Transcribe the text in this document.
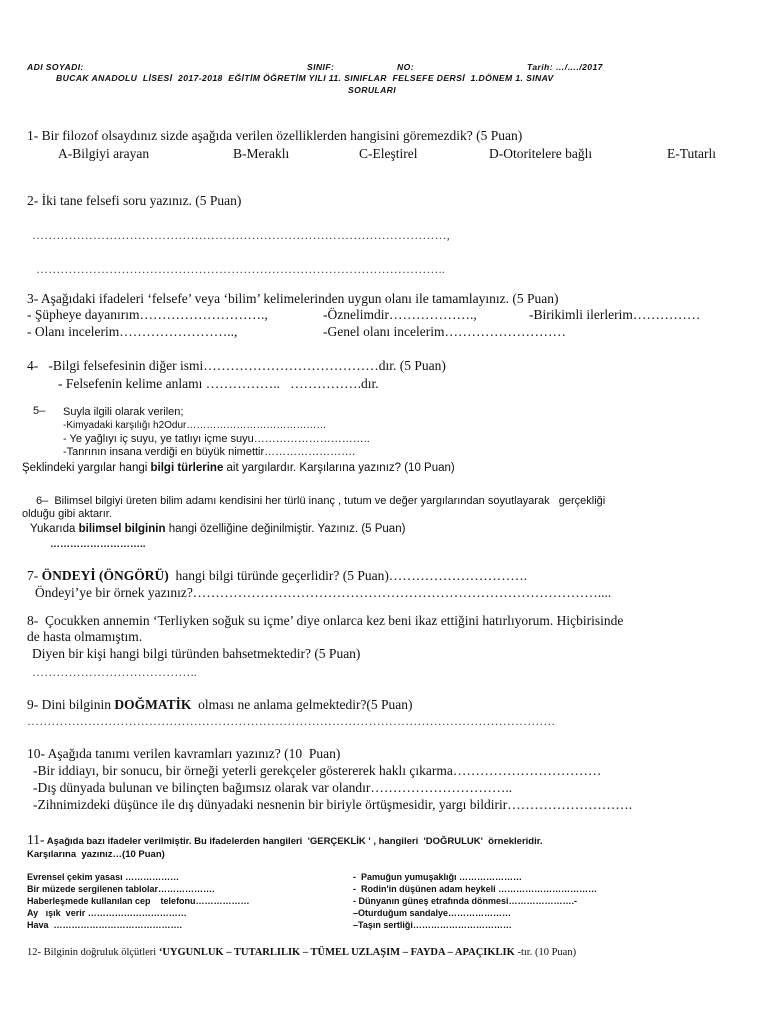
ADI SOYADI:	SINIF:	NO:	Tarih: …/…./2017
BUCAK ANADOLU  LİSESİ  2017-2018  EĞİTİM ÖĞRETİM YILI 11. SINIFLAR  FELSEFE DERSİ  1.DÖNEM 1. SINAV
SORULARI
1- Bir filozof olsaydınız sizde aşağıda verilen özelliklerden hangisini göremezdik? (5 Puan)
A-Bilgiyi arayan	B-Meraklı	C-Eleştirel	D-Otoritelere bağlı	E-Tutarlı
2- İki tane felsefi soru yazınız. (5 Puan)
…………………………………………………………………………………………,
………………………………………………………………………………………..
3- Aşağıdaki ifadeleri ‘felsefe’ veya ‘bilim’ kelimelerinden uygun olanı ile tamamlayınız. (5 Puan)
- Şüpheye dayanırım……………………….,	-Öznelimdir……………….,	-Birikimli ilerlerim……………
- Olanı incelerim……………………..,	-Genel olanı incelerim………………………
4-   -Bilgi felsefesinin diğer ismi…………………………………dır. (5 Puan)
- Felsefenin kelime anlamı ……………..   …………….dır.
5– Suyla ilgili olarak verilen;
-Kimyadaki karşılığı h2Odur……………………………………
- Ye yağlıyı iç suyu, ye tatlıyı içme suyu…………………………..
-Tanrının insana verdiği en büyük nimettir…………………….
Şeklindeki yargılar hangi bilgi türlerine ait yargılardır. Karşılarına yazınız? (10 Puan)
6–  Bilimsel bilgiyi üreten bilim adamı kendisini her türlü inanç , tutum ve değer yargılarından soyutlayarak   gerçekliği
olduğu gibi aktarır.
Yukarıda bilimsel bilginin hangi özelliğine değinilmiştir. Yazınız. (5 Puan)
………………………..
7- ÖNDEYİ (ÖNGÖRÜ)  hangi bilgi türünde geçerlidir? (5 Puan)………………………….
Öndeyi’ye bir örnek yazınız?………………………………………………………………………………....
8-  Çocukken annemin ‘Terliyken soğuk su içme’ diye onlarca kez beni ikaz ettiğini hatırlıyorum. Hiçbirisinde
de hasta olmamıştım.
Diyen bir kişi hangi bilgi türünden bahsetmektedir? (5 Puan)
…………………………………..
9- Dini bilginin DOĞMATİK  olması ne anlama gelmektedir?(5 Puan)
………………………………………………………………………………………………………………….
10- Aşağıda tanımı verilen kavramları yazınız? (10  Puan)
-Bir iddiayı, bir sonucu, bir örneği yeterli gerekçeler göstererek haklı çıkarma……………………………
-Dış dünyada bulunan ve bilinçten bağımsız olarak var olandır…………………………..
-Zihnimizdeki düşünce ile dış dünyadaki nesnenin bir biriyle örtüşmesidir, yargı bildirir……………………….
11- Aşağıda bazı ifadeler verilmiştir. Bu ifadelerden hangileri  'GERÇEKLİK ' , hangileri  'DOĞRULUK'  örnekleridir.
Karşılarına  yazınız…(10 Puan)
Evrensel çekim yasası ………………
Bir müzede sergilenen tablolar……………….
Haberleşmede kullanılan cep    telefonu………………
Ay   ışık  verir ……………………………
Hava  …………………………………….
-  Pamuğun yumuşaklığı …………………
-  Rodin'in düşünen adam heykeli ……………………………
- Dünyanın güneş etrafında dönmesi………………….-
–Oturduğum sandalye…………………
–Taşın sertliği……………………………
12- Bilginin doğruluk ölçütleri ‘UYGUNLUK – TUTARLILIK – TÜMEL UZLAŞIM – FAYDA – APAÇIKLIK -tır. (10 Puan)
